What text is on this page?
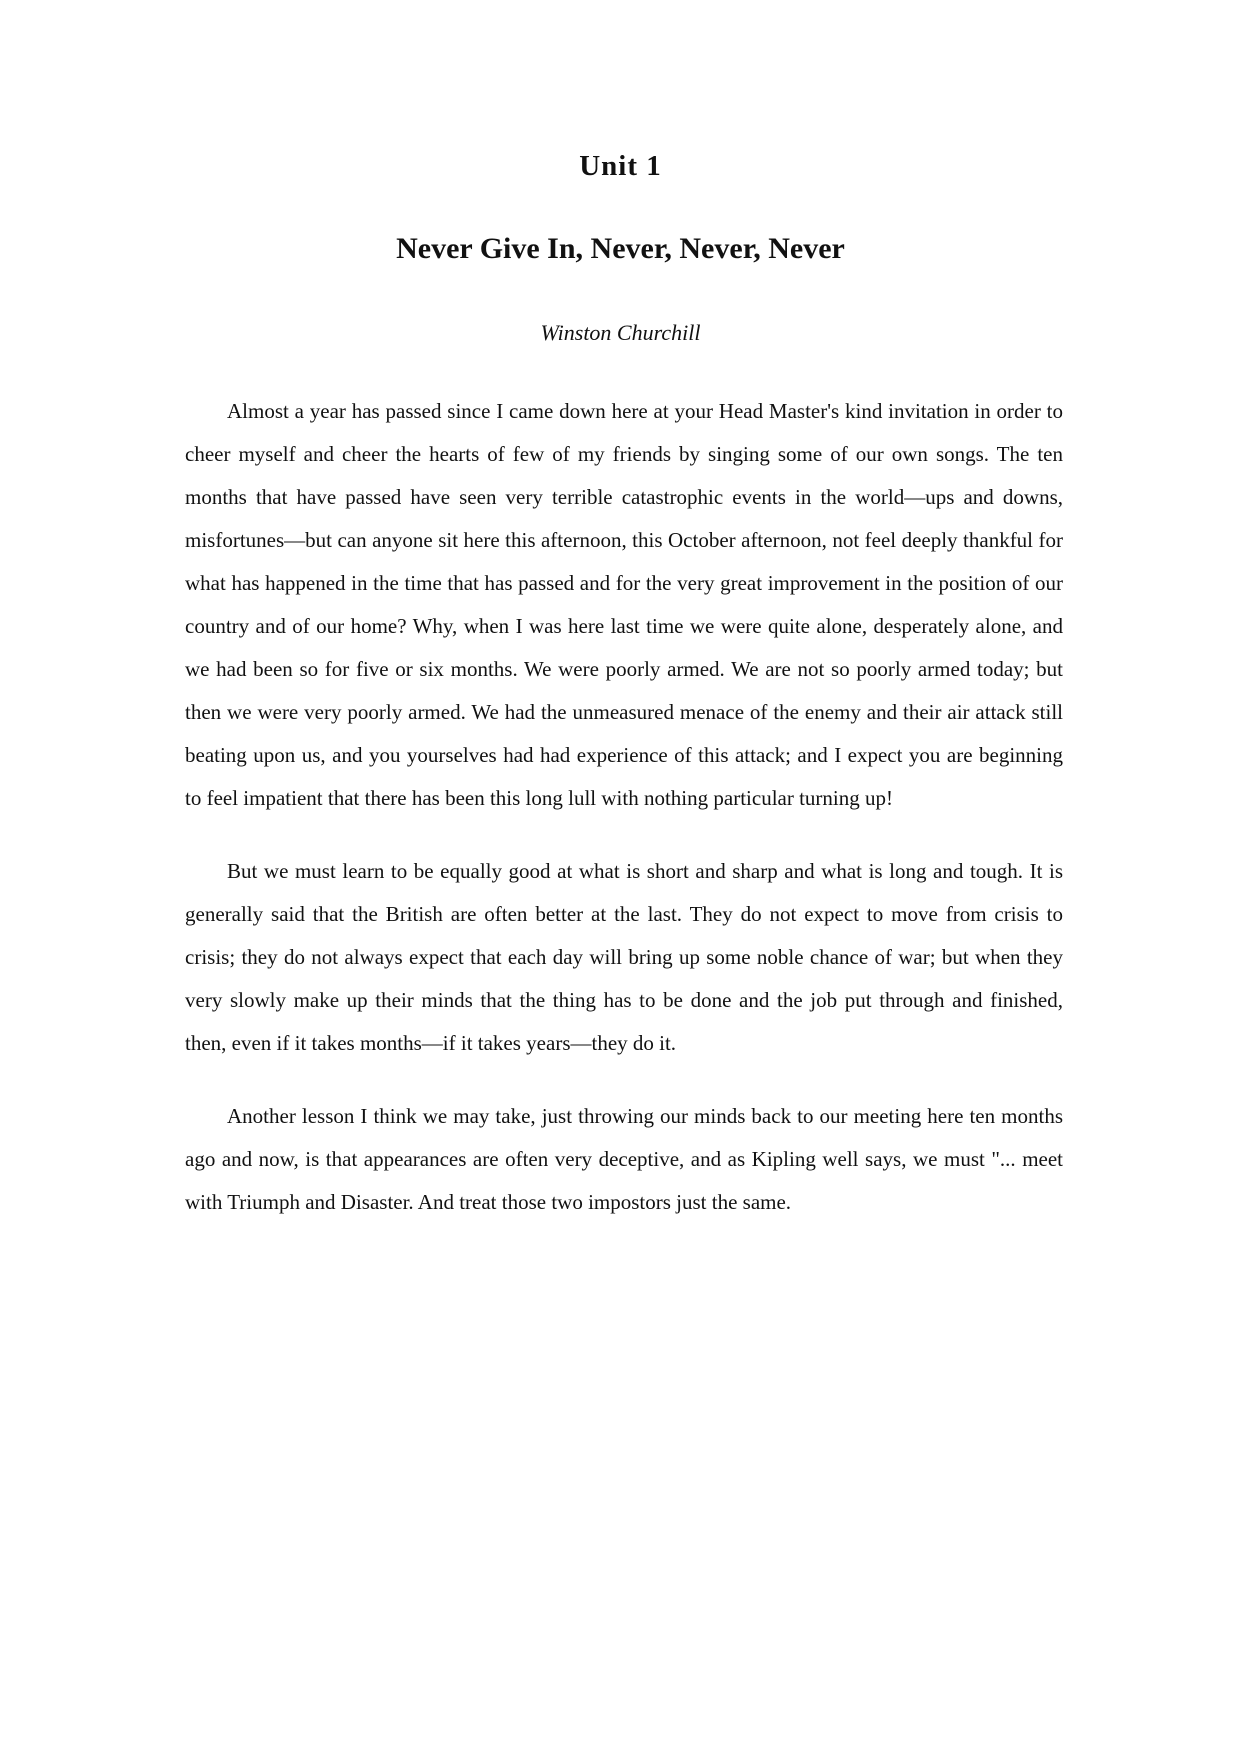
Unit 1
Never Give In, Never, Never, Never

Winston Churchill

Almost a year has passed since I came down here at your Head Master's kind invitation in order to cheer myself and cheer the hearts of few of my friends by singing some of our own songs. The ten months that have passed have seen very terrible catastrophic events in the world—ups and downs, misfortunes—but can anyone sit here this afternoon, this October afternoon, not feel deeply thankful for what has happened in the time that has passed and for the very great improvement in the position of our country and of our home? Why, when I was here last time we were quite alone, desperately alone, and we had been so for five or six months. We were poorly armed. We are not so poorly armed today; but then we were very poorly armed. We had the unmeasured menace of the enemy and their air attack still beating upon us, and you yourselves had had experience of this attack; and I expect you are beginning to feel impatient that there has been this long lull with nothing particular turning up!

But we must learn to be equally good at what is short and sharp and what is long and tough. It is generally said that the British are often better at the last. They do not expect to move from crisis to crisis; they do not always expect that each day will bring up some noble chance of war; but when they very slowly make up their minds that the thing has to be done and the job put through and finished, then, even if it takes months—if it takes years—they do it.

Another lesson I think we may take, just throwing our minds back to our meeting here ten months ago and now, is that appearances are often very deceptive, and as Kipling well says, we must "... meet with Triumph and Disaster. And treat those two impostors just the same.
